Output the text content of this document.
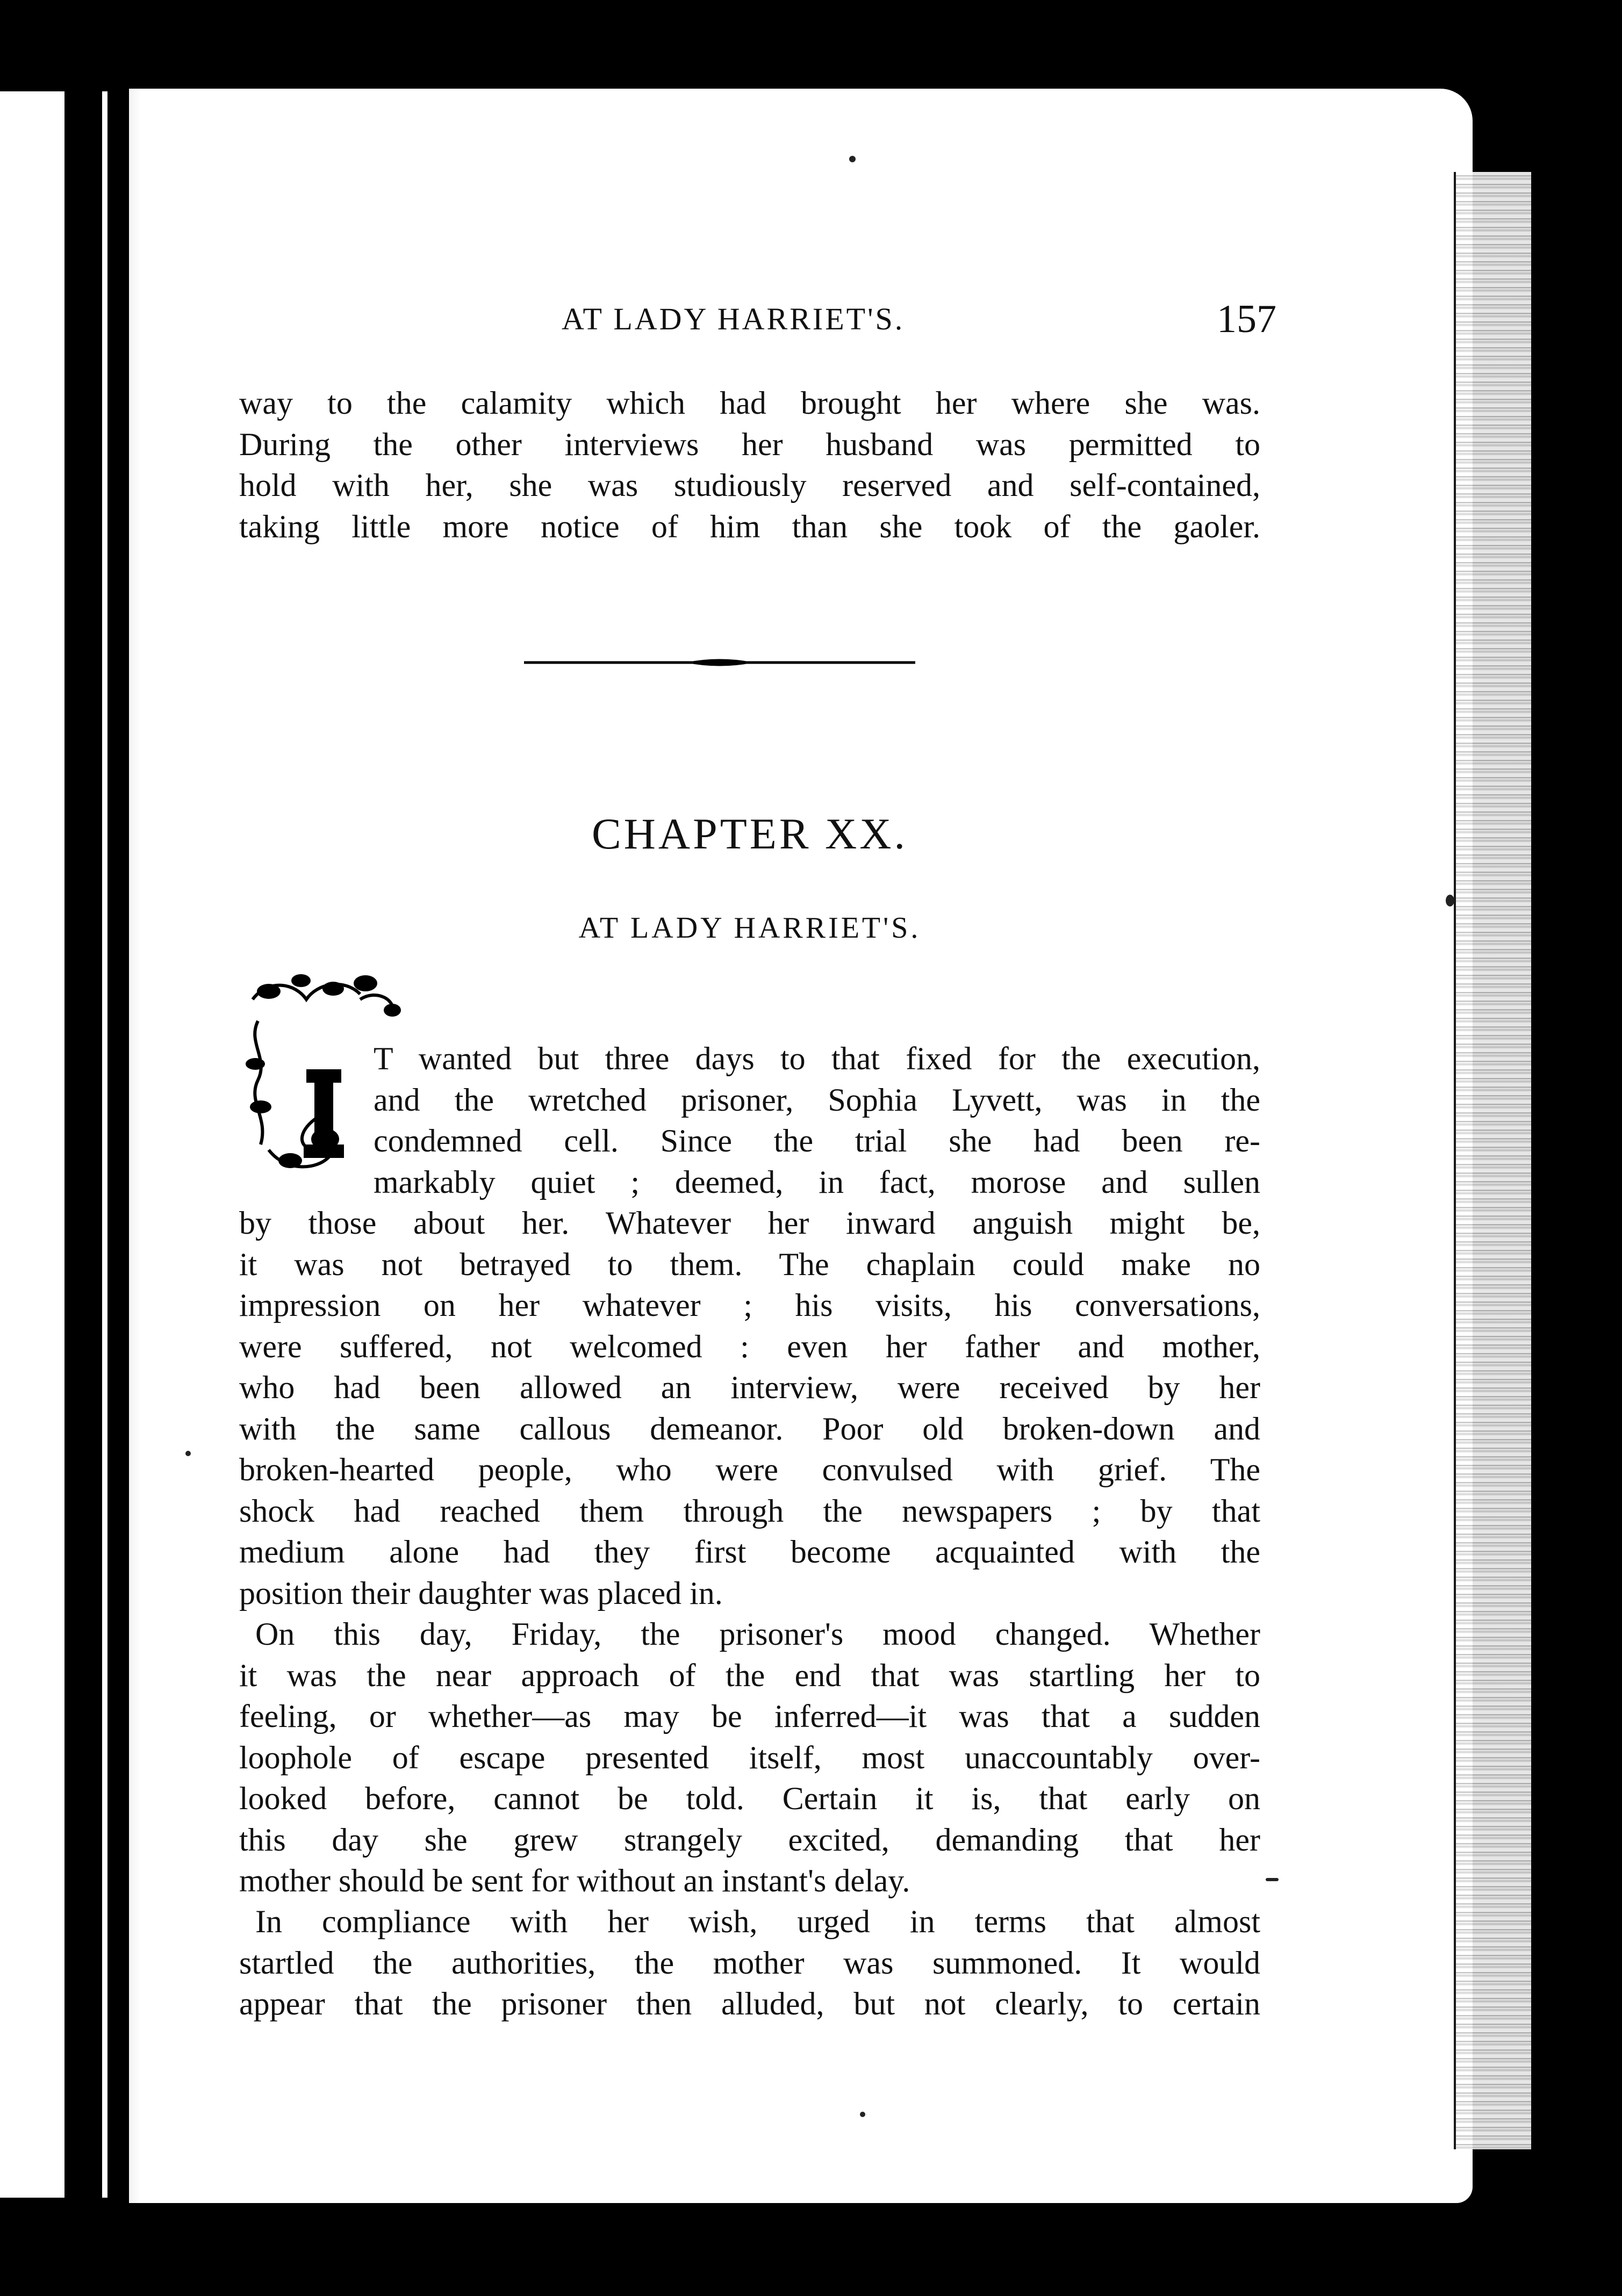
AT LADY HARRIET'S.	157
way to the calamity which had brought her where she was.
During the other interviews her husband was permitted to
hold with her, she was studiously reserved and self-contained,
taking little more notice of him than she took of the gaoler.
CHAPTER XX.
AT LADY HARRIET'S.
T wanted but three days to that fixed for the execution,
and the wretched prisoner, Sophia Lyvett, was in the
condemned cell. Since the trial she had been re-
markably quiet ; deemed, in fact, morose and sullen
by those about her. Whatever her inward anguish might be,
it was not betrayed to them. The chaplain could make no
impression on her whatever ; his visits, his conversations,
were suffered, not welcomed : even her father and mother,
who had been allowed an interview, were received by her
with the same callous demeanor. Poor old broken-down and
broken-hearted people, who were convulsed with grief. The
shock had reached them through the newspapers ; by that
medium alone had they first become acquainted with the
position their daughter was placed in.
On this day, Friday, the prisoner's mood changed. Whether
it was the near approach of the end that was startling her to
feeling, or whether—as may be inferred—it was that a sudden
loophole of escape presented itself, most unaccountably over-
looked before, cannot be told. Certain it is, that early on
this day she grew strangely excited, demanding that her
mother should be sent for without an instant's delay.
In compliance with her wish, urged in terms that almost
startled the authorities, the mother was summoned. It would
appear that the prisoner then alluded, but not clearly, to certain
